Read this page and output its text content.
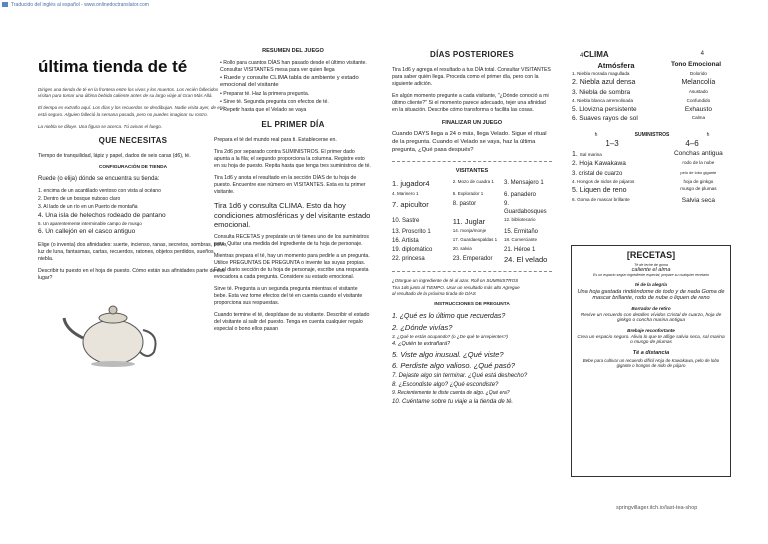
Traducido del inglés al español - www.onlinedoctranslator.com
última tienda de té

Diriges una tienda de té en la frontera entre los vivos y los muertos. Los recién fallecidos visitan para tomar una última bebida caliente antes de su largo viaje al Gran Más Allá.

El tiempo es extraño aquí. Los días y los recuerdos se desdibujan. Nadie visita ayer, de eso está seguro. Alguien falleció la semana pasada, pero no puedes imaginar su rostro.

La niebla se diluye. Una figura se acerca. Tú avivas el fuego.

QUE NECESITAS

Tiempo de tranquilidad, lápiz y papel, dados de seis caras (d6), té.

CONFIGURACIÓN DE TIENDA

Ruede (o elija) dónde se encuentra su tienda:

1. encima de un acantilado ventoso con vista al océano
2. Dentro de un bosque nuboso claro
3. Al lado de un río en un Puerto de montaña
4. Una isla de helechos rodeado de pantano
5. Un aparentemente interminable campo de musgo
6. Un callejón en el casco antiguo

Elige (o inventa) dos afinidades: suerte, incienso, ranas, secretos, sombras, polvo, luz de luna, fantasmas, cartas, recuerdos, ratones, objetos perdidos, sueños, niebla.

Describir tu puesto en el hoja de puesto. Cómo están sus afinidades parte de ese lugar?

RESUMEN DEL JUEGO
• Rollo para cuantos DÍAS han pasado desde el último visitante. Consultar VISITANTES mesa para ver quien llega
• Ruede y consulte CLIMA tabla de ambiente y estado emocional del visitante
• Preparar té. Haz la primera pregunta.
• Sirve té. Segunda pregunta con efectos de té.
• Repetir hasta que el Velado se vaya
EL PRIMER DÍA

Prepara el té del mundo real para ti. Establecerse en.

Tira 2d6 por separado contra SUMINISTROS. El primer dado apunta a la fila; el segundo proporciona la columna. Registre esto en su hoja de puesto. Repita hasta que tenga tres suministros de té.

Tira 1d6 y anota el resultado en la sección DÍAS de tu hoja de puesto. Encuentre ese número en VISITANTES. Esta es tu primer visitante.

Tira 1d6 y consulta CLIMA. Esto da hoy condiciones atmosféricas y del visitante estado emocional.

Consulta RECETAS y prepárate un té tienes uno de los suministros para. Quitar una medida del ingrediente de tu hoja de personaje.

Mientras prepara el té, hay un momento para pedirle a un pregunta. Utilice PREGUNTAS DE PREGUNTA o invente las suyas propias. En el diario sección de tu hoja de personaje, escribe una respuesta evocadora a cada pregunta. Considere su estado emocional.

Sirve té. Pregunta a un segunda pregunta mientras el visitante bebe. Esta vez tome efectos del té en cuenta cuando el visitante proporciona sus respuestas.

Cuando termine el té, despídase de su visitante. Describir el estado del visitante al salir del puesto. Tenga en cuenta cualquier regalo especial o bono ellos pasan

DÍAS POSTERIORES

Tira 1d6 y agrega el resultado a tus DÍA total. Consultar VISITANTES para saber quién llega. Proceda como el primer día, pero con la siguiente adición.

En algún momento pregunte a cada visitante, "¿Dónde conoció a mi último cliente?" Si el momento parece adecuado, tejer una afinidad en la situación. Describe cómo transforma o facilita las cosas.

FINALIZAR UN JUEGO

Cuando DAYS llega a 24 o más, llega Velado. Sigue el ritual de la pregunta. Cuando el Velado se vaya, haz la última pregunta, ¿Qué pasa después?

VISITANTES
1. jugador4	2. Mozo de cuadra 1	3. Mensajero 1
4. Marinero 1	5. Explorador 1	6. panadero
7. apicultor	8. pastor	9. Guardabosques
10. Sastre	11. Juglar	12. bibliotecario
13. Proscrito 1	14. monja/monje	15. Ermitaño
16. Artista	17. Guardaespaldas 1	18. Comerciante
19. diplomático	20. salvia	21. Héroe 1
22. princesa	23. Emperador	24. El velado

¿Otorgue un ingrediente de té al azar. Roll on SUMINISTROS

Tira 1d6 junto al TIEMPO. Usar un resultado más alto Agregue

al resultado de la próxima tirada de DÍAS

INSTRUCCIONES DE PREGUNTA
1. ¿Qué es lo último que recuerdas?
2. ¿Dónde vivías?
3. ¿Qué te están ocupando? (o ¿De qué te arrepientes?)
4. ¿Quién te extrañará?
5. Viste algo inusual. ¿Qué viste?
6. Perdiste algo valioso. ¿Qué pasó?
7. Dejaste algo sin terminar. ¿Qué está deshecho?
8. ¿Escondiste algo? ¿Qué escondiste?
9. Recientemente te diste cuenta de algo. ¿Qué era?
10. Cuéntame sobre tu viaje a la tienda de té.
4CLIMA	4
Atmósfera	Tono Emocional
1. Niebla morada magullada	Dolorido
2. Niebla azul densa	Melancolía
3. Niebla de sombra	Asustado
4. Niebla blanca arremolinada	Confundido
5. Llovizna persistente	Exhausto
6. Suaves rayos de sol	Calma
h	SUMINISTROS	h
1–3	4–6
1. Sal marina	Conchas antigua
2. Hoja Kawakawa	rodo de la nube
3. cristal de cuarzo	pelo de lobo gigante
4. Hongos de nidos de pájaros	hoja de ginkgo
5. Liquen de reno	musgo de plumas
6. Goma de mascar brillante	Salvia seca
[RECETAS]
Té de leche de goma
caliente el alma
Es un espacio según ingrediente especial, prepare su cualquier recetario
té de la alegría
Una hoja gastada rindiéndome de todo y de nada Goma de mascar brillante, rodo de nube o liquen de reno
Borrador de retiro
Revive un recuerdo con detalles vívidos Cristal de cuarzo, hoja de ginkgo o concha marina antigua
Brebaje reconfortante
Crea un espacio seguro. Alivia lo que te aflige salvia seca, sal marina o musgo de plumas
Té a distancia
Bebe para cultivar un recuerdo difícil Hoja de Kawakawa, pelo de lobo gigante o hongos de nido de pájaro
springvillager.itch.io/last-tea-shop
